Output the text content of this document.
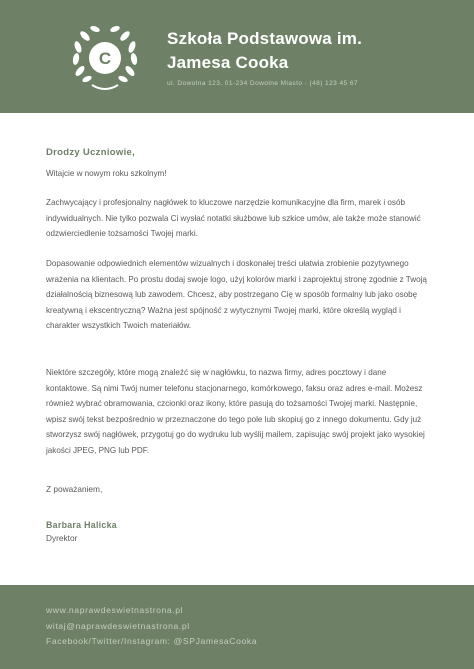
C
Szkoła Podstawowa im.
Jamesa Cooka
ul. Dowolna 123, 01-234 Dowolne Miasto · (48) 123 45 67
Drodzy Uczniowie,

Witajcie w nowym roku szkolnym!

Zachwycający i profesjonalny nagłówek to kluczowe narzędzie komunikacyjne dla firm, marek i osób indywidualnych. Nie tylko pozwala Ci wysłać notatki służbowe lub szkice umów, ale także może stanowić odzwierciedlenie tożsamości Twojej marki.

Dopasowanie odpowiednich elementów wizualnych i doskonałej treści ułatwia zrobienie pozytywnego wrażenia na klientach. Po prostu dodaj swoje logo, użyj kolorów marki i zaprojektuj stronę zgodnie z Twoją działalnością biznesową lub zawodem. Chcesz, aby postrzegano Cię w sposób formalny lub jako osobę kreatywną i ekscentryczną? Ważna jest spójność z wytycznymi Twojej marki, które określą wygląd i charakter wszystkich Twoich materiałów.

Niektóre szczegóły, które mogą znaleźć się w nagłówku, to nazwa firmy, adres pocztowy i dane kontaktowe. Są nimi Twój numer telefonu stacjonarnego, komórkowego, faksu oraz adres e-mail. Możesz również wybrać obramowania, czcionki oraz ikony, które pasują do tożsamości Twojej marki. Następnie, wpisz swój tekst bezpośrednio w przeznaczone do tego pole lub skopiuj go z innego dokumentu. Gdy już stworzysz swój nagłówek, przygotuj go do wydruku lub wyślij mailem, zapisując swój projekt jako wysokiej jakości JPEG, PNG lub PDF.

Z poważaniem,
Barbara Halicka
Dyrektor
www.naprawdeswietnastrona.pl
witaj@naprawdeswietnastrona.pl
Facebook/Twitter/Instagram: @SPJamesaCooka
